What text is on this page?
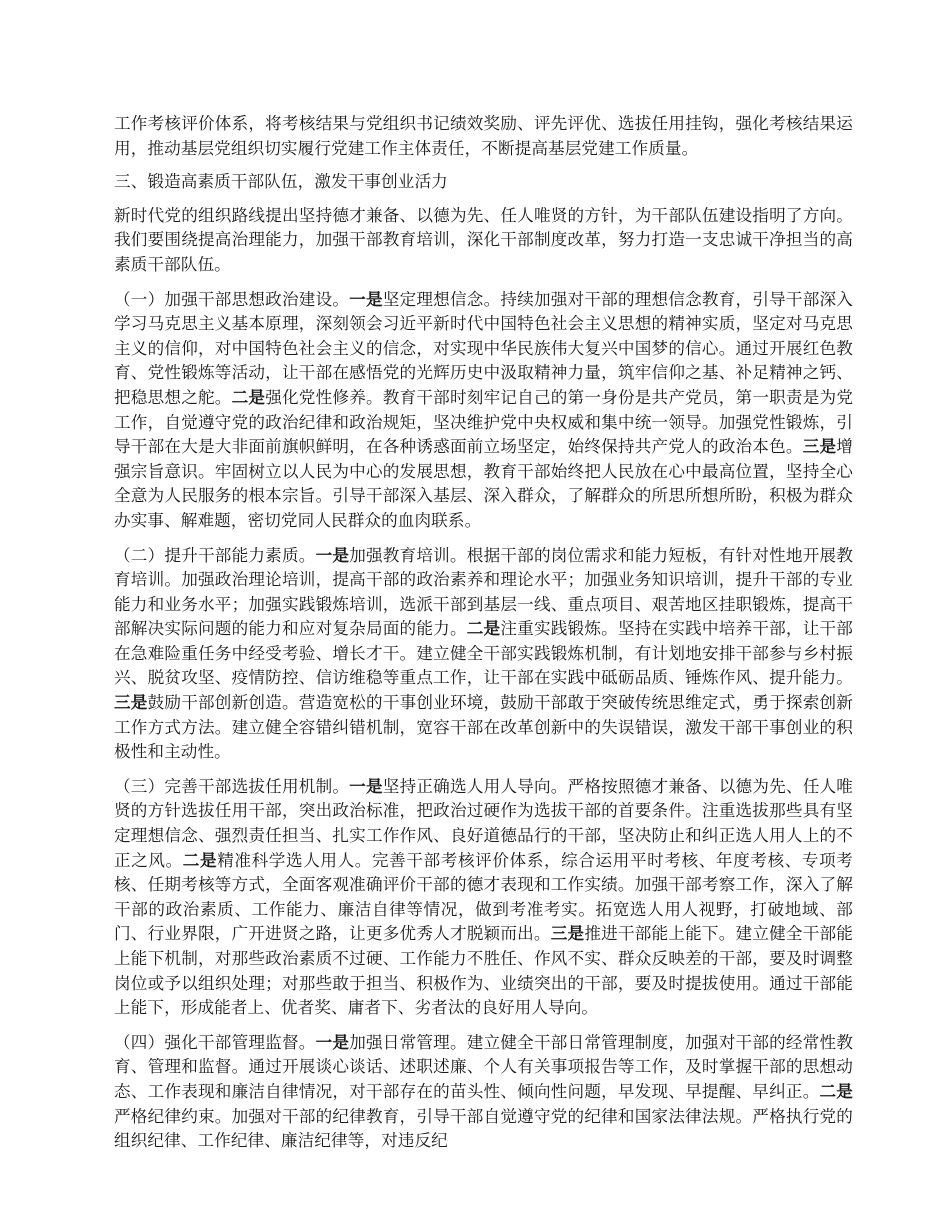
工作考核评价体系，将考核结果与党组织书记绩效奖励、评先评优、选拔任用挂钩，强化考核结果运用，推动基层党组织切实履行党建工作主体责任，不断提高基层党建工作质量。

三、锻造高素质干部队伍，激发干事创业活力

新时代党的组织路线提出坚持德才兼备、以德为先、任人唯贤的方针，为干部队伍建设指明了方向。我们要围绕提高治理能力，加强干部教育培训，深化干部制度改革，努力打造一支忠诚干净担当的高素质干部队伍。

（一）加强干部思想政治建设。一是坚定理想信念。持续加强对干部的理想信念教育，引导干部深入学习马克思主义基本原理，深刻领会习近平新时代中国特色社会主义思想的精神实质，坚定对马克思主义的信仰，对中国特色社会主义的信念，对实现中华民族伟大复兴中国梦的信心。通过开展红色教育、党性锻炼等活动，让干部在感悟党的光辉历史中汲取精神力量，筑牢信仰之基、补足精神之钙、把稳思想之舵。二是强化党性修养。教育干部时刻牢记自己的第一身份是共产党员，第一职责是为党工作，自觉遵守党的政治纪律和政治规矩，坚决维护党中央权威和集中统一领导。加强党性锻炼，引导干部在大是大非面前旗帜鲜明，在各种诱惑面前立场坚定，始终保持共产党人的政治本色。三是增强宗旨意识。牢固树立以人民为中心的发展思想，教育干部始终把人民放在心中最高位置，坚持全心全意为人民服务的根本宗旨。引导干部深入基层、深入群众，了解群众的所思所想所盼，积极为群众办实事、解难题，密切党同人民群众的血肉联系。

（二）提升干部能力素质。一是加强教育培训。根据干部的岗位需求和能力短板，有针对性地开展教育培训。加强政治理论培训，提高干部的政治素养和理论水平；加强业务知识培训，提升干部的专业能力和业务水平；加强实践锻炼培训，选派干部到基层一线、重点项目、艰苦地区挂职锻炼，提高干部解决实际问题的能力和应对复杂局面的能力。二是注重实践锻炼。坚持在实践中培养干部，让干部在急难险重任务中经受考验、增长才干。建立健全干部实践锻炼机制，有计划地安排干部参与乡村振兴、脱贫攻坚、疫情防控、信访维稳等重点工作，让干部在实践中砥砺品质、锤炼作风、提升能力。三是鼓励干部创新创造。营造宽松的干事创业环境，鼓励干部敢于突破传统思维定式，勇于探索创新工作方式方法。建立健全容错纠错机制，宽容干部在改革创新中的失误错误，激发干部干事创业的积极性和主动性。

（三）完善干部选拔任用机制。一是坚持正确选人用人导向。严格按照德才兼备、以德为先、任人唯贤的方针选拔任用干部，突出政治标准，把政治过硬作为选拔干部的首要条件。注重选拔那些具有坚定理想信念、强烈责任担当、扎实工作作风、良好道德品行的干部，坚决防止和纠正选人用人上的不正之风。二是精准科学选人用人。完善干部考核评价体系，综合运用平时考核、年度考核、专项考核、任期考核等方式，全面客观准确评价干部的德才表现和工作实绩。加强干部考察工作，深入了解干部的政治素质、工作能力、廉洁自律等情况，做到考准考实。拓宽选人用人视野，打破地域、部门、行业界限，广开进贤之路，让更多优秀人才脱颖而出。三是推进干部能上能下。建立健全干部能上能下机制，对那些政治素质不过硬、工作能力不胜任、作风不实、群众反映差的干部，要及时调整岗位或予以组织处理；对那些敢于担当、积极作为、业绩突出的干部，要及时提拔使用。通过干部能上能下，形成能者上、优者奖、庸者下、劣者汰的良好用人导向。

（四）强化干部管理监督。一是加强日常管理。建立健全干部日常管理制度，加强对干部的经常性教育、管理和监督。通过开展谈心谈话、述职述廉、个人有关事项报告等工作，及时掌握干部的思想动态、工作表现和廉洁自律情况，对干部存在的苗头性、倾向性问题，早发现、早提醒、早纠正。二是严格纪律约束。加强对干部的纪律教育，引导干部自觉遵守党的纪律和国家法律法规。严格执行党的组织纪律、工作纪律、廉洁纪律等，对违反纪
